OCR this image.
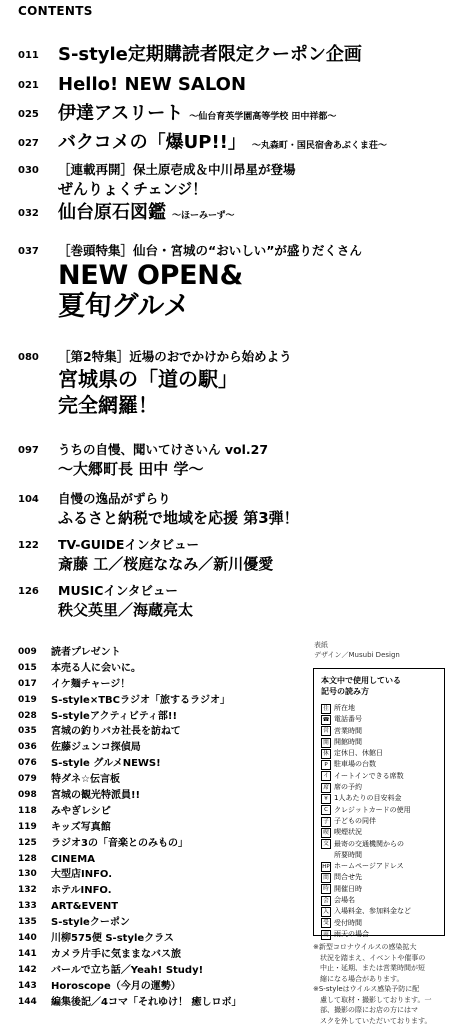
CONTENTS
011 S-style定期購読者限定クーポン企画
021 Hello! NEW SALON
025 伊達アスリート ～仙台育英学園高等学校 田中祥都～
027 バクコメの「爆UP!!」 ～丸森町・国民宿舎あぶくま荘～
030 ［連載再開］保土原壱成＆中川昂星が登場
ぜんりょくチェンジ！
032 仙台原石図鑑 ～ほーみーず～
037 ［巻頭特集］仙台・宮城の“おいしい”が盛りだくさん
NEW OPEN&
夏旬グルメ
080 ［第2特集］近場のおでかけから始めよう
宮城県の「道の駅」
完全網羅！
097 うちの自慢、聞いてけさいん vol.27
～大郷町長 田中 学～
104 自慢の逸品がずらり
ふるさと納税で地域を応援 第3弾！
122 TV-GUIDEインタビュー
斎藤 工／桜庭ななみ／新川優愛
126 MUSICインタビュー
秩父英里／海蔵亮太
009 読者プレゼント
015 本売る人に会いに。
017 イケ麺チャージ！
019 S-style×TBCラジオ「旅するラジオ」
028 S-styleアクティビティ部!!
035 宮城の釣りバカ社長を訪ねて
036 佐藤ジュンコ探偵局
076 S-style グルメNEWS!
079 特ダネ☆伝言板
098 宮城の観光特派員!!
118 みやぎレシピ
119 キッズ写真館
125 ラジオ3の「音楽とのみもの」
128 CINEMA
130 大型店INFO.
132 ホテルINFO.
133 ART&EVENT
135 S-styleクーポン
140 川柳575便 S-styleクラス
141 カメラ片手に気ままなバス旅
142 バールで立ち話／Yeah! Study!
143 Horoscope（今月の運勢）
144 編集後記／4コマ「それゆけ！ 癒しロボ」
表紙
デザイン／Musubi Design
本文中で使用している
記号の読み方
住 所在地
☎ 電話番号
営 営業時間
開 開館時間
休 定休日、休館日
P 駐車場の台数
イ イートインできる席数
席 席の予約
¥ 1人あたりの目安料金
C クレジットカードの使用
子 子どもの同伴
喫 喫煙状況
交 最寄の交通機関からの
所要時間
HP ホームページアドレス
問 問合せ先
時 開催日時
会 会場名
入 入場料金、参加料金など
受 受付時間
雨 雨天の場合
※新型コロナウイルスの感染拡大
　状況を踏まえ、イベントや催事の
　中止・延期、または営業時間が短
　縮になる場合があります。
※S-styleはウイルス感染予防に配
　慮して取材・撮影しております。一
　部、撮影の際にお店の方にはマ
　スクを外していただいております。
